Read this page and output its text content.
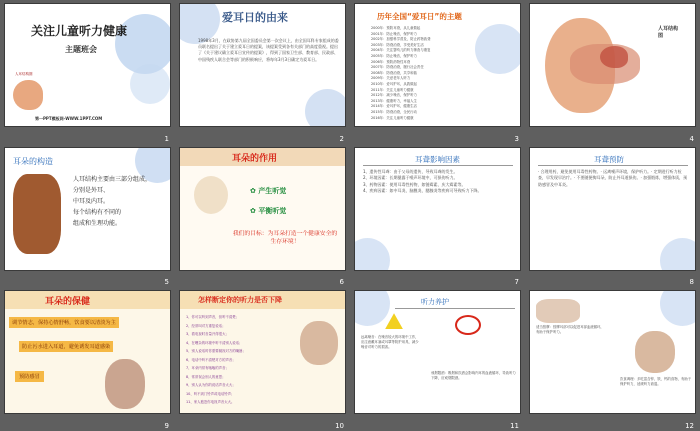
关注儿童听力健康
主题班会
人耳结构图
第一PPT模板网-WWW.1PPT.COM
1
爱耳日的由来
1998年3月，在政协第九届全国委员会第一次会议上，由全国耳科专家组成的委员联名提出了关于建立爱耳日的提案，该提案受到各有关部门的高度重视。提出了《关于建议确立爱耳日宣传的提案》，得到了国家卫生部、教育部、民政部、中国残疾人联合会等部门的积极响应，将每年3月3日确定为爱耳日。
2
历年全国“爱耳日”的主题
2000年：预防耳聋，从儿童做起
2001年：防止噪音，保护听力
2002年：加强科学普及，防止药物致聋
2003年：防聋治聋，享受美好生活
2004年：关注婴幼儿的听力筛查与康复
2005年：防止噪音，保护听力
2006年：预防药物性耳聋
2007年：防聋治聋，履行社会责任
2008年：防聋治聋，共享和谐
2009年：关爱老年人听力
2010年：爱耳护耳，从我做起
2011年：关注儿童听力健康
2012年：减少噪音，保护听力
2013年：健康听力，幸福人生
2014年：爱耳护耳，健康生活
2015年：防聋治聋，全民行动
2016年：关注儿童听力健康
3
人耳结构图
4
耳朵的构造
人耳结构主要由三部分组成，
分别是外耳、
中耳及内耳。
每个结构有不同的
组成和生理功能。
5
耳朵的作用
✿ 产生听觉
✿ 平衡听觉
我们的目标：为耳朵打造一个健康安全的生存环境！
6
耳聋影响因素
1、遗传性耳聋：由于父母的遗传，导致耳聋的发生。
2、环境因素：长期暴露于噪声环境中，可损伤听力。
3、药物因素：使用耳毒性药物，如链霉素、庆大霉素等。
4、疾病因素：如中耳炎、脑膜炎、腮腺炎等疾病可导致听力下降。
7
耳聋预防
· 合理用药，避免使用耳毒性药物。· 远离噪声环境，保护听力。· 定期进行听力检查，早发现早治疗。· 不要随便掏耳朵，防止外耳道损伤。· 加强锻炼，增强体质，预防感冒及中耳炎。
8
耳朵的保健
调节情志，保持心情舒畅，饮食要以清淡为主
防止污水进入耳道，避免诱发耳道感染
预防感冒
9
怎样断定你的听力是否下降
1、你可以听到声音，但听不清楚；
2、经常叫对方重复说话；
3、看电视时音量开得很大；
4、在嘈杂的环境中听不清别人说话；
5、别人说话时你需要凝视对方的嘴唇；
6、电话中听不清楚对方的声音；
7、耳朵内常有嗡嗡的声音；
8、常常误会别人的意思；
9、别人认为你的说话声音太大；
10、听不到门铃声或电话铃声；
11、家人抱怨你电视声音太大。
10
听力养护
远离噪音：在噪音较大的环境中工作，应注意戴耳塞或耳罩等防护用具，减少噪音对听力的损害。
戒烟限酒：吸烟和饮酒会影响内耳的血液循环，导致听力下降，应戒烟限酒。
11
适当按摩：按摩耳部可以促进耳部血液循环，有助于保护听力。
饮食调理：多吃富含锌、铁、钙的食物，有助于保护听力，延缓听力衰退。
12
